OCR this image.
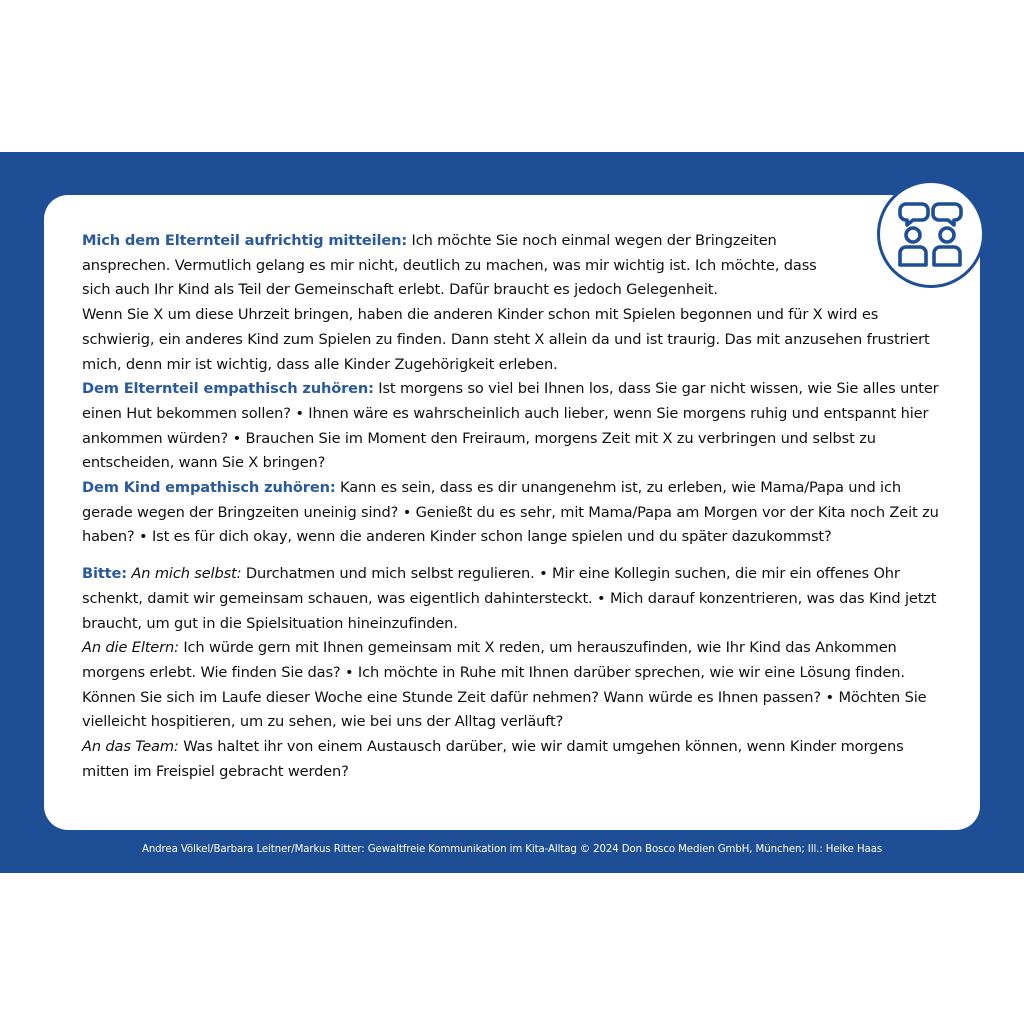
Mich dem Elternteil aufrichtig mitteilen: Ich möchte Sie noch einmal wegen der Bringzeiten ansprechen. Vermutlich gelang es mir nicht, deutlich zu machen, was mir wichtig ist. Ich möchte, dass sich auch Ihr Kind als Teil der Gemeinschaft erlebt. Dafür braucht es jedoch Gelegenheit.

Wenn Sie X um diese Uhrzeit bringen, haben die anderen Kinder schon mit Spielen begonnen und für X wird es schwierig, ein anderes Kind zum Spielen zu finden. Dann steht X allein da und ist traurig. Das mit anzusehen frustriert mich, denn mir ist wichtig, dass alle Kinder Zugehörigkeit erleben.

Dem Elternteil empathisch zuhören: Ist morgens so viel bei Ihnen los, dass Sie gar nicht wissen, wie Sie alles unter einen Hut bekommen sollen? • Ihnen wäre es wahrscheinlich auch lieber, wenn Sie morgens ruhig und entspannt hier ankommen würden? • Brauchen Sie im Moment den Freiraum, morgens Zeit mit X zu verbringen und selbst zu entscheiden, wann Sie X bringen?

Dem Kind empathisch zuhören: Kann es sein, dass es dir unangenehm ist, zu erleben, wie Mama/Papa und ich gerade wegen der Bringzeiten uneinig sind? • Genießt du es sehr, mit Mama/Papa am Morgen vor der Kita noch Zeit zu haben? • Ist es für dich okay, wenn die anderen Kinder schon lange spielen und du später dazukommst?

Bitte: An mich selbst: Durchatmen und mich selbst regulieren. • Mir eine Kollegin suchen, die mir ein offenes Ohr schenkt, damit wir gemeinsam schauen, was eigentlich dahintersteckt. • Mich darauf konzentrieren, was das Kind jetzt braucht, um gut in die Spielsituation hineinzufinden.

An die Eltern: Ich würde gern mit Ihnen gemeinsam mit X reden, um herauszufinden, wie Ihr Kind das Ankommen morgens erlebt. Wie finden Sie das? • Ich möchte in Ruhe mit Ihnen darüber sprechen, wie wir eine Lösung finden. Können Sie sich im Laufe dieser Woche eine Stunde Zeit dafür nehmen? Wann würde es Ihnen passen? • Möchten Sie vielleicht hospitieren, um zu sehen, wie bei uns der Alltag verläuft?

An das Team: Was haltet ihr von einem Austausch darüber, wie wir damit umgehen können, wenn Kinder morgens mitten im Freispiel gebracht werden?

Andrea Völkel/Barbara Leitner/Markus Ritter: Gewaltfreie Kommunikation im Kita-Alltag © 2024 Don Bosco Medien GmbH, München; Ill.: Heike Haas
